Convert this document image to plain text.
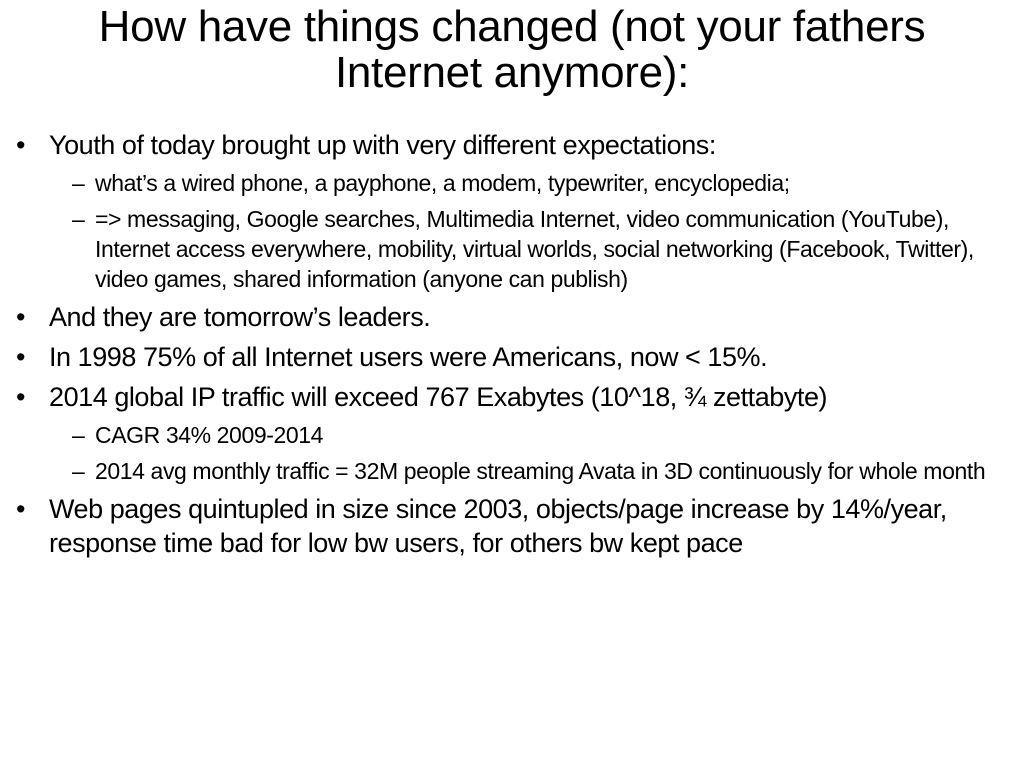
How have things changed (not your fathers Internet anymore):
• Youth of today brought up with very different expectations:
– what’s a wired phone, a payphone, a modem, typewriter, encyclopedia;
– => messaging, Google searches, Multimedia Internet, video communication (YouTube), Internet access everywhere, mobility, virtual worlds, social networking (Facebook, Twitter), video games, shared information (anyone can publish)
• And they are tomorrow’s leaders.
• In 1998 75% of all Internet users were Americans, now < 15%.
• 2014 global IP traffic will exceed 767 Exabytes (10^18, ¾ zettabyte)
– CAGR 34% 2009-2014
– 2014 avg monthly traffic = 32M people streaming Avata in 3D continuously for whole month
• Web pages quintupled in size since 2003, objects/page increase by 14%/year, response time bad for low bw users, for others bw kept pace
